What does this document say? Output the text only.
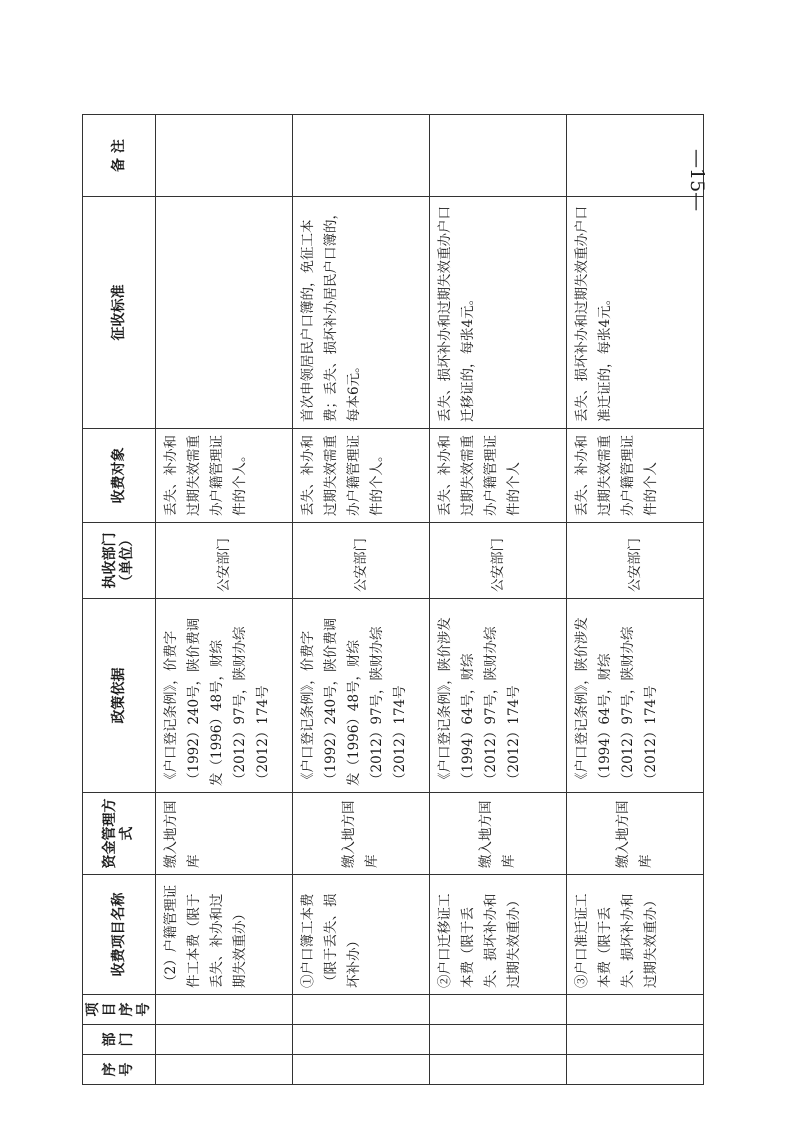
序号	部门	项目序号	收费项目名称	资金管理方式	政策依据	执收部门（单位）	收费对象	征收标准	备 注
			（2）户籍管理证件工本费（限于丢失、补办和过期失效重办）	缴入地方国库	《户口登记条例》，价费字（1992）240号，陕价费调发（1996）48号，财综（2012）97号，陕财办综（2012）174号	公安部门	丢失、补办和过期失效需重办户籍管理证件的个人。		
			①户口簿工本费（限于丢失、损坏补办）	缴入地方国库	《户口登记条例》，价费字（1992）240号，陕价费调发（1996）48号，财综（2012）97号，陕财办综（2012）174号	公安部门	丢失、补办和过期失效需重办户籍管理证件的个人。	首次申领居民户口簿的，免征工本费；丢失、损坏补办居民户口簿的，每本6元。	
			②户口迁移证工本费（限于丢失、损坏补办和过期失效重办）	缴入地方国库	《户口登记条例》，陕价涉发（1994）64号，财综（2012）97号，陕财办综（2012）174号	公安部门	丢失、补办和过期失效需重办户籍管理证件的个人	丢失、损坏补办和过期失效重办户口迁移证的，每张4元。	
			③户口准迁证工本费（限于丢失、损坏补办和过期失效重办）	缴入地方国库	《户口登记条例》，陕价涉发（1994）64号，财综（2012）97号，陕财办综（2012）174号	公安部门	丢失、补办和过期失效需重办户籍管理证件的个人	丢失、损坏补办和过期失效重办户口准迁证的，每张4元。	
—15—
